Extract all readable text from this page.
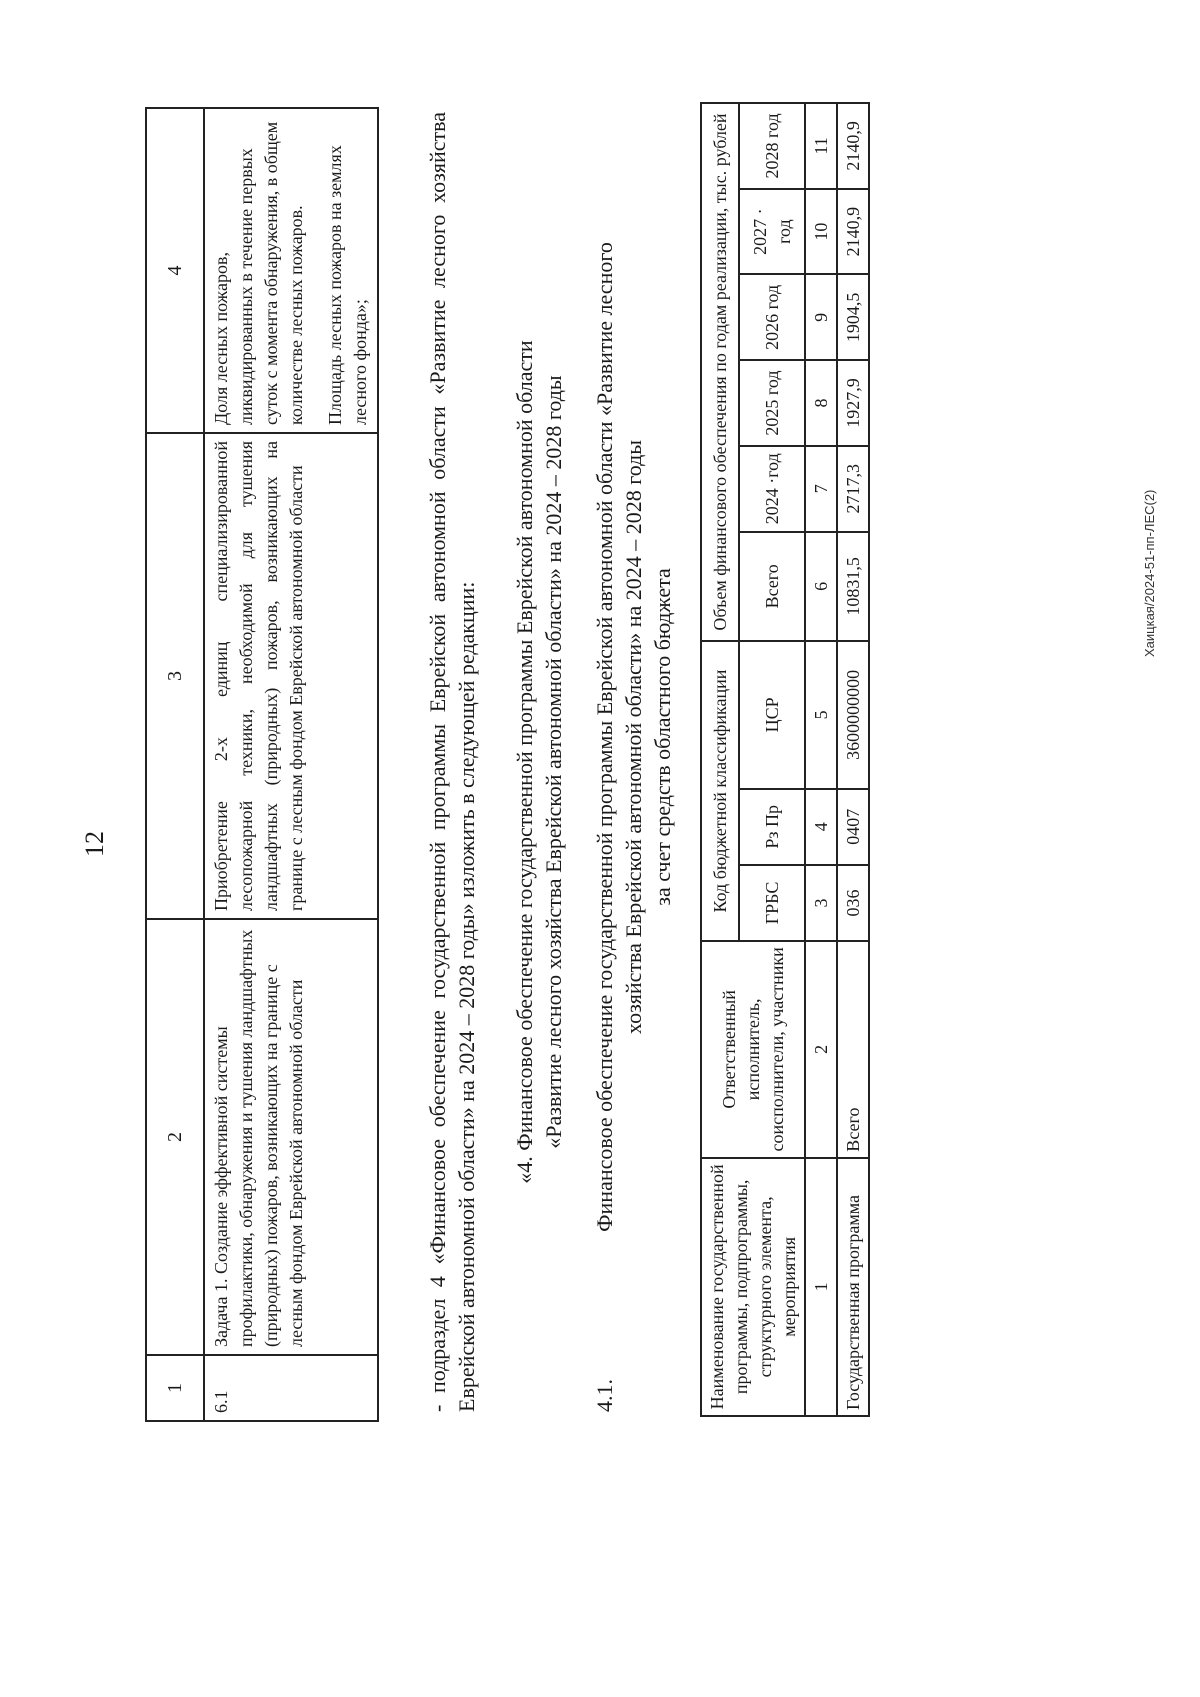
12
1	2	3	4
6.1	Задача 1. Создание эффективной системы профилактики, обнаружения и тушения ландшафтных (природных) пожаров, возникающих на границе с лесным фондом Еврейской автономной области	Приобретение 2-х единиц специализированной лесопожарной техники, необходимой для тушения ландшафтных (природных) пожаров, возникающих на границе с лесным фондом Еврейской автономной области	Доля лесных пожаров, ликвидированных в течение первых суток с момента обнаружения, в общем количестве лесных пожаров. Площадь лесных пожаров на землях лесного фонда»;	- подраздел 4 «Финансовое обеспечение государственной программы Еврейской автономной области «Развитие лесного хозяйства Еврейской автономной области» на 2024 – 2028 годы» изложить в следующей редакции: «4. Финансовое обеспечение государственной программы Еврейской автономной области «Развитие лесного хозяйства Еврейской автономной области» на 2024 – 2028 годы
4.1.
Финансовое обеспечение государственной программы Еврейской автономной области «Развитие лесного хозяйства Еврейской автономной области» на 2024 – 2028 годы за счет средств областного бюджета
Наименование государственной программы, подпрограммы, структурного элемента, мероприятия	Ответственный исполнитель, соисполнители, участники	Код бюджетной классификации			Объем финансового обеспечения по годам реализации, тыс. рублей					
		ГРБС	Рз Пр	ЦСР	Всего	2024 ·год	2025 год	2026 год	2027 · год	2028 год
1	2	3	4	5	6	7	8	9	10	11
Государственная программа	Всего	036	0407	3600000000	10831,5	2717,3	1927,9	1904,5	2140,9	2140,9
Хаицкая/2024-51-пп-ЛЕС(2)
